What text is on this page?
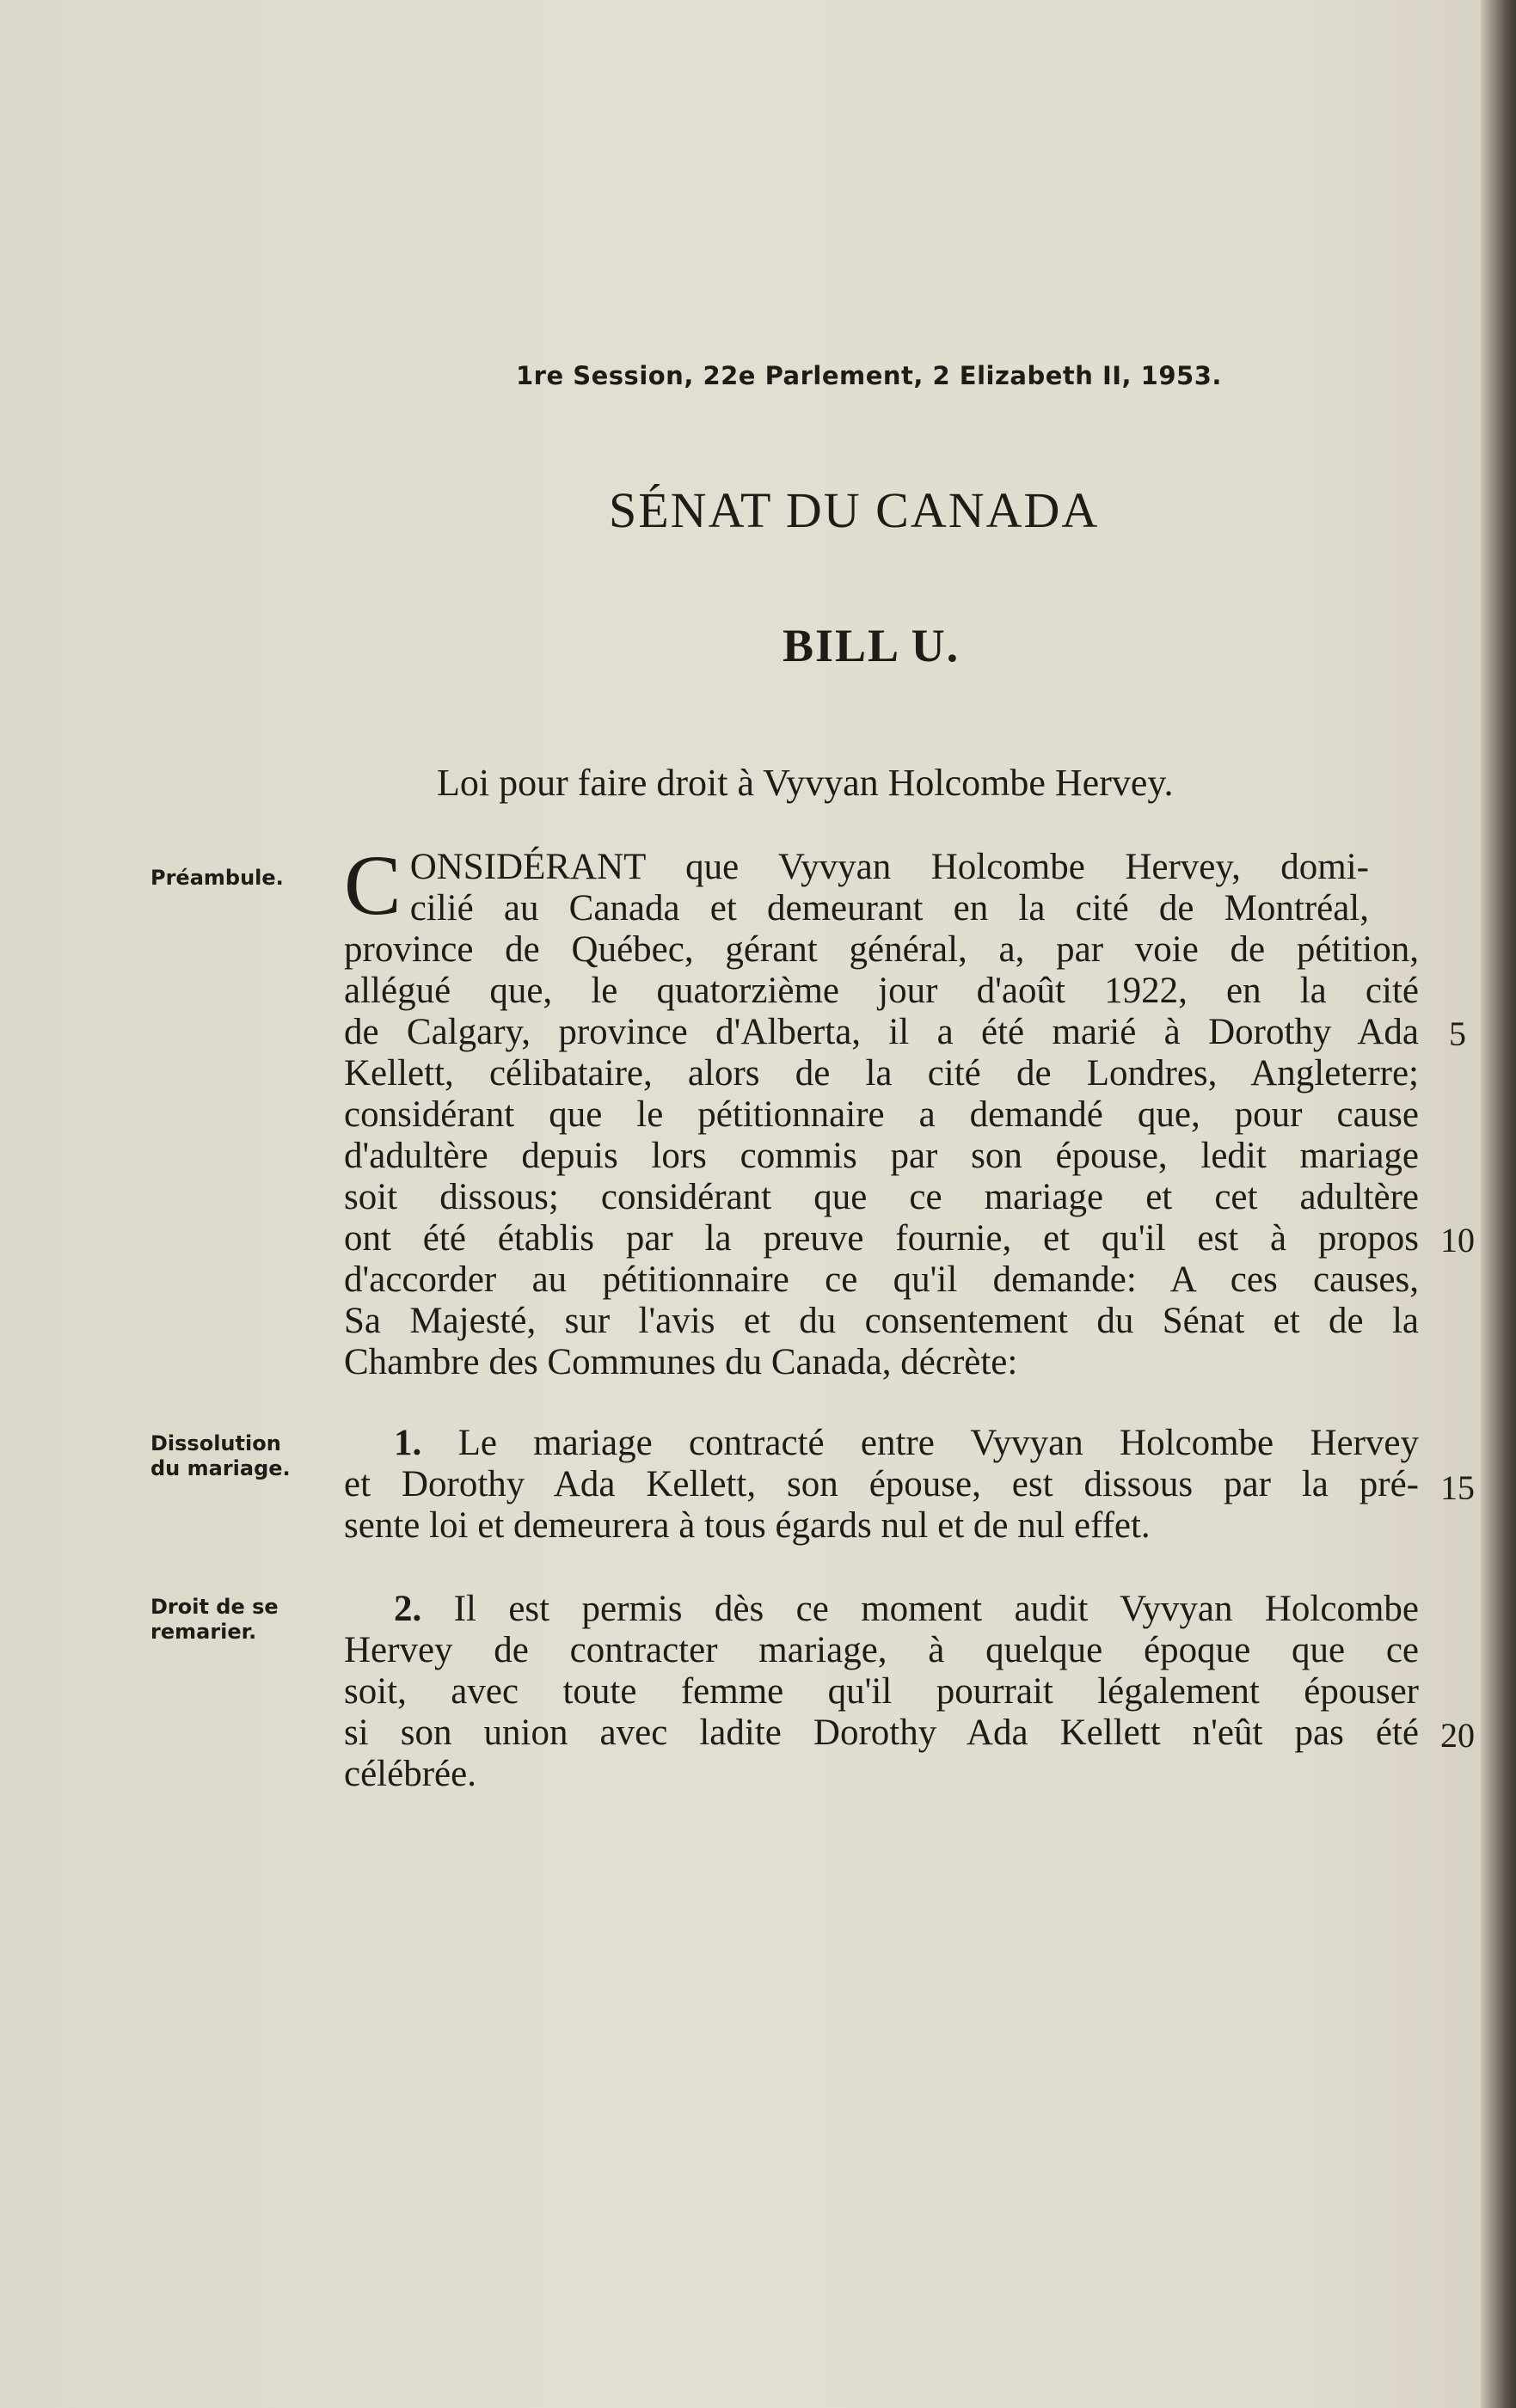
1re Session, 22e Parlement, 2 Elizabeth II, 1953.
SÉNAT DU CANADA
BILL U.
Loi pour faire droit à Vyvyan Holcombe Hervey.
Préambule.
Dissolution du mariage.
Droit de se remarier.
C ONSIDÉRANT que Vyvyan Holcombe Hervey, domi-
cilié au Canada et demeurant en la cité de Montréal,
province de Québec, gérant général, a, par voie de pétition,
allégué que, le quatorzième jour d'août 1922, en la cité
de Calgary, province d'Alberta, il a été marié à Dorothy Ada
Kellett, célibataire, alors de la cité de Londres, Angleterre;
considérant que le pétitionnaire a demandé que, pour cause
d'adultère depuis lors commis par son épouse, ledit mariage
soit dissous; considérant que ce mariage et cet adultère
ont été établis par la preuve fournie, et qu'il est à propos
d'accorder au pétitionnaire ce qu'il demande: A ces causes,
Sa Majesté, sur l'avis et du consentement du Sénat et de la
Chambre des Communes du Canada, décrète:
1. Le mariage contracté entre Vyvyan Holcombe Hervey
et Dorothy Ada Kellett, son épouse, est dissous par la pré-
sente loi et demeurera à tous égards nul et de nul effet.
2. Il est permis dès ce moment audit Vyvyan Holcombe
Hervey de contracter mariage, à quelque époque que ce
soit, avec toute femme qu'il pourrait légalement épouser
si son union avec ladite Dorothy Ada Kellett n'eût pas été
célébrée.
5
10
15
20
